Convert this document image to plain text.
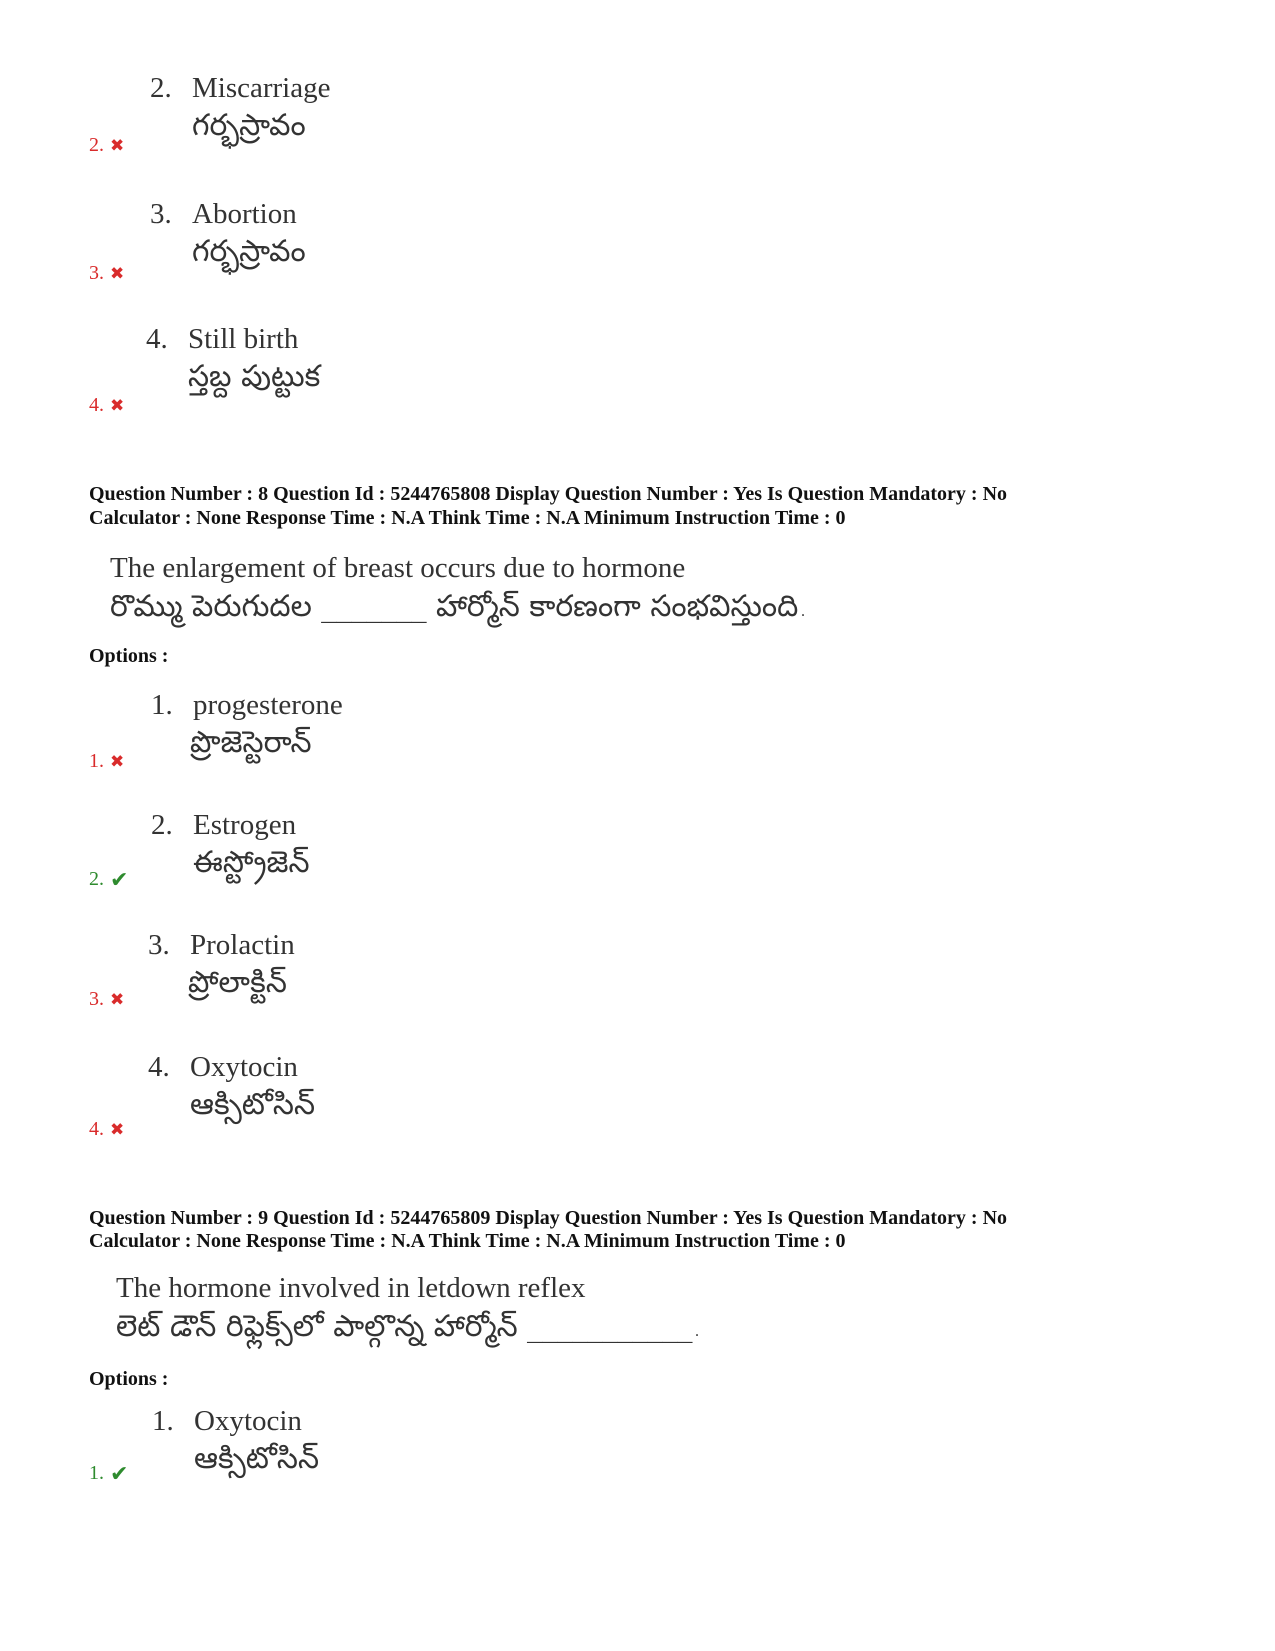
2. Miscarriage
గర్భస్రావం
2. ✖
3. Abortion
గర్భస్రావం
3. ✖
4. Still birth
స్తబ్ద పుట్టుక
4. ✖
Question Number : 8 Question Id : 5244765808 Display Question Number : Yes Is Question Mandatory : No
Calculator : None Response Time : N.A Think Time : N.A Minimum Instruction Time : 0
The enlargement of breast occurs due to hormone
రొమ్ము పెరుగుదల _______ హార్మోన్ కారణంగా సంభవిస్తుంది.
Options :
1. progesterone
ప్రొజెస్టెరాన్
1. ✖
2. Estrogen
ఈస్ట్రోజెన్
2. ✔
3. Prolactin
ప్రోలాక్టిన్
3. ✖
4. Oxytocin
ఆక్సిటోసిన్
4. ✖
Question Number : 9 Question Id : 5244765809 Display Question Number : Yes Is Question Mandatory : No
Calculator : None Response Time : N.A Think Time : N.A Minimum Instruction Time : 0
The hormone involved in letdown reflex
లెట్ డౌన్ రిఫ్లెక్స్‌లో పాల్గొన్న హార్మోన్ ___________.
Options :
1. Oxytocin
ఆక్సిటోసిన్
1. ✔
